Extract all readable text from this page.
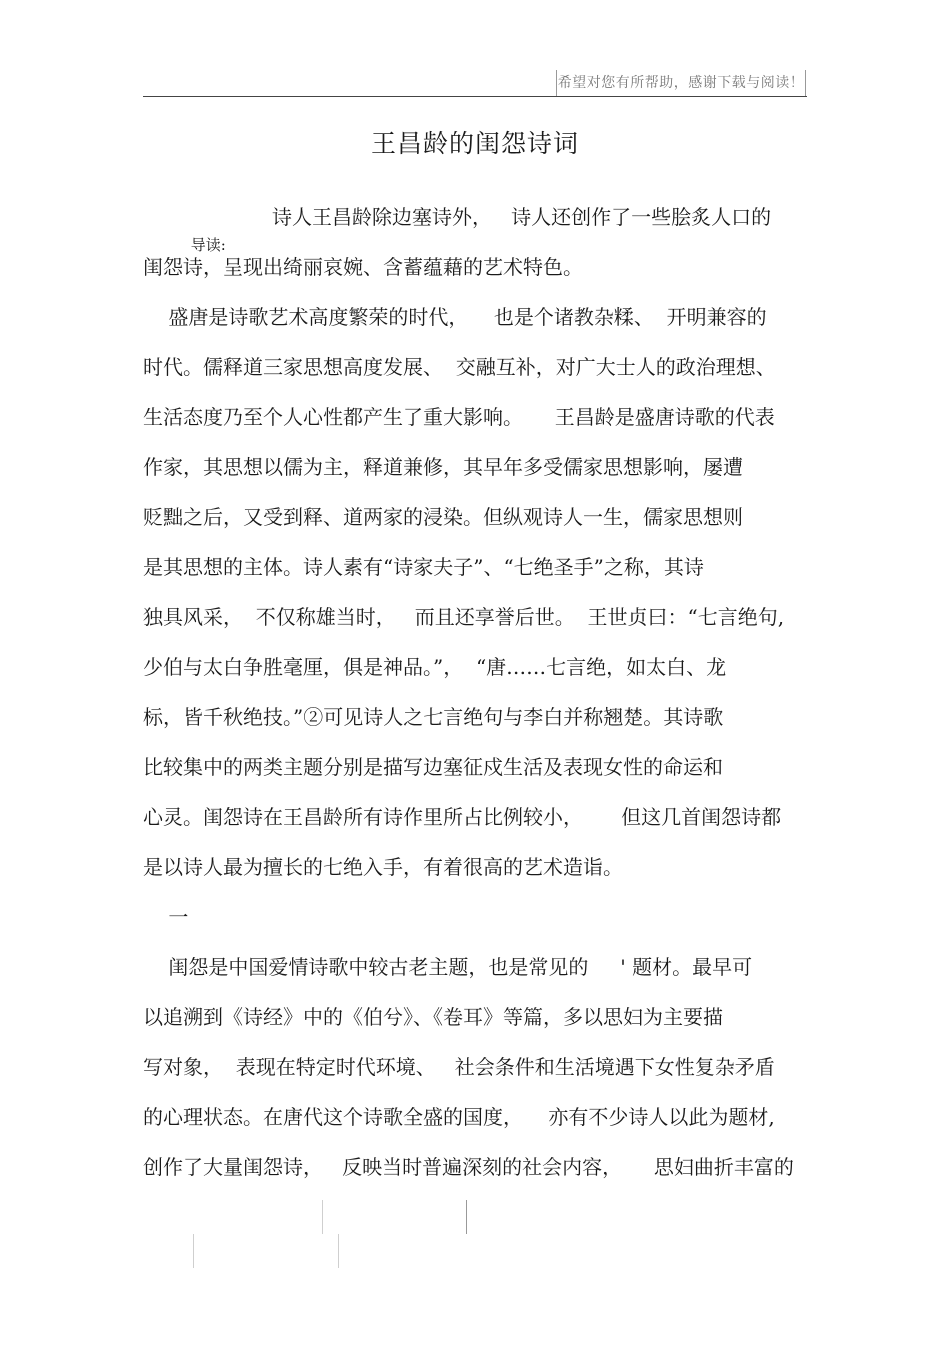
希望对您有所帮助，感谢下载与阅读！
王昌龄的闺怨诗词

导读:

诗人王昌龄除边塞诗外，   诗人还创作了一些脍炙人口的
闺怨诗，呈现出绮丽哀婉、含蓄蕴藉的艺术特色。
盛唐是诗歌艺术高度繁荣的时代，    也是个诸教杂糅、  开明兼容的
时代。儒释道三家思想高度发展、  交融互补，对广大士人的政治理想、
生活态度乃至个人心性都产生了重大影响。     王昌龄是盛唐诗歌的代表
作家，其思想以儒为主，释道兼修，其早年多受儒家思想影响，屡遭
贬黜之后，又受到释、道两家的浸染。但纵观诗人一生，儒家思想则
是其思想的主体。诗人素有“诗家夫子”、“七绝圣手”之称，其诗
独具风采，  不仅称雄当时，   而且还享誉后世。  王世贞曰：“七言绝句,
少伯与太白争胜毫厘，俱是神品。”，  “唐……七言绝，如太白、龙
标，皆千秋绝技。”②可见诗人之七言绝句与李白并称翘楚。其诗歌
比较集中的两类主题分别是描写边塞征戍生活及表现女性的命运和
心灵。闺怨诗在王昌龄所有诗作里所占比例较小，      但这几首闺怨诗都
是以诗人最为擅长的七绝入手，有着很高的艺术造诣。
一
闺怨是中国爱情诗歌中较古老主题，也是常见的     ' 题材。最早可
以追溯到《诗经》中的《伯兮》、《卷耳》等篇，多以思妇为主要描
写对象，  表现在特定时代环境、   社会条件和生活境遇下女性复杂矛盾
的心理状态。在唐代这个诗歌全盛的国度，    亦有不少诗人以此为题材,
创作了大量闺怨诗，   反映当时普遍深刻的社会内容，     思妇曲折丰富的
